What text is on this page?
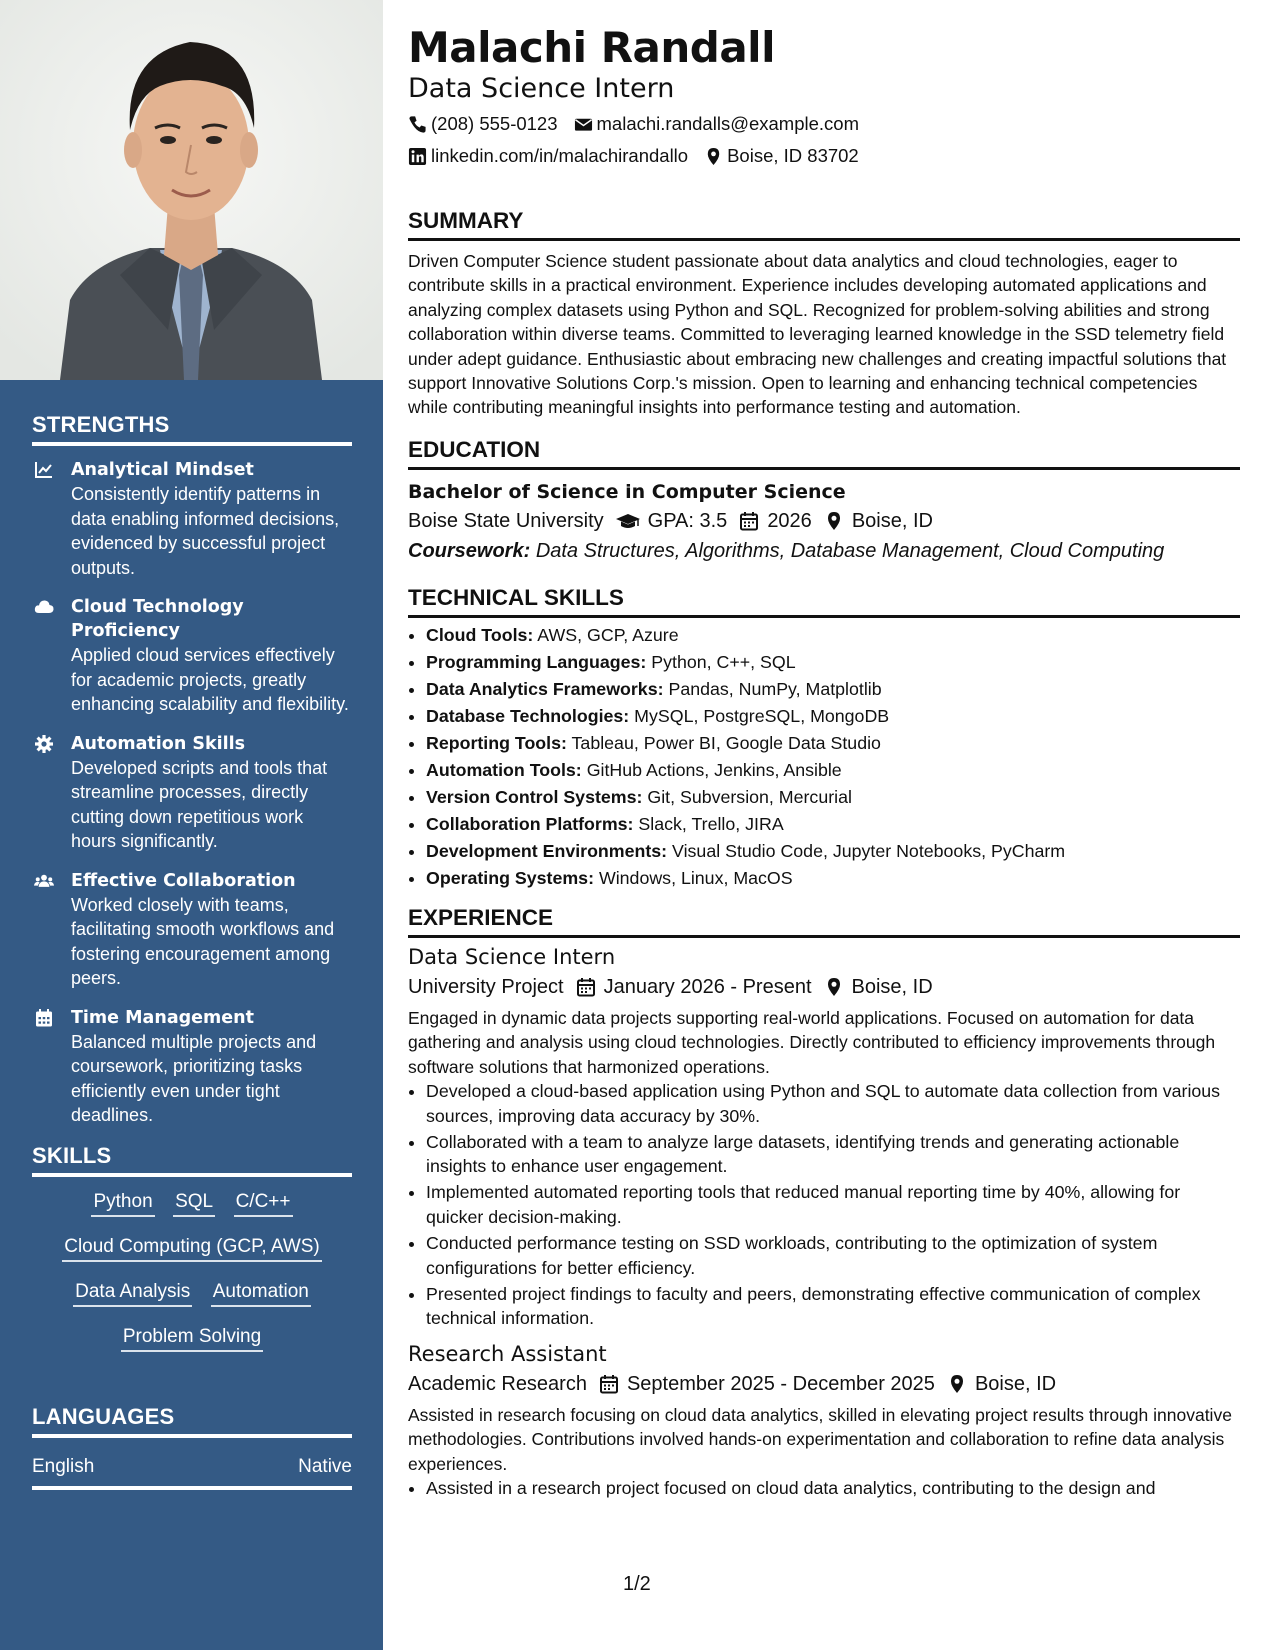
STRENGTHS
Analytical Mindset
Consistently identify patterns in data enabling informed decisions, evidenced by successful project outputs.
Cloud Technology Proficiency
Applied cloud services effectively for academic projects, greatly enhancing scalability and flexibility.
Automation Skills
Developed scripts and tools that streamline processes, directly cutting down repetitious work hours significantly.
Effective Collaboration
Worked closely with teams, facilitating smooth workflows and fostering encouragement among peers.
Time Management
Balanced multiple projects and coursework, prioritizing tasks efficiently even under tight deadlines.
SKILLS
Python SQL C/C++
Cloud Computing (GCP, AWS)
Data Analysis Automation
Problem Solving
LANGUAGES
English	Native
Malachi Randall
Data Science Intern
(208) 555-0123 malachi.randalls@example.com
linkedin.com/in/malachirandallo Boise, ID 83702
SUMMARY
Driven Computer Science student passionate about data analytics and cloud technologies, eager to contribute skills in a practical environment. Experience includes developing automated applications and analyzing complex datasets using Python and SQL. Recognized for problem-solving abilities and strong collaboration within diverse teams. Committed to leveraging learned knowledge in the SSD telemetry field under adept guidance. Enthusiastic about embracing new challenges and creating impactful solutions that support Innovative Solutions Corp.'s mission. Open to learning and enhancing technical competencies while contributing meaningful insights into performance testing and automation.
EDUCATION
Bachelor of Science in Computer Science
Boise State University GPA: 3.5 2026 Boise, ID
Coursework: Data Structures, Algorithms, Database Management, Cloud Computing
TECHNICAL SKILLS
• Cloud Tools: AWS, GCP, Azure
• Programming Languages: Python, C++, SQL
• Data Analytics Frameworks: Pandas, NumPy, Matplotlib
• Database Technologies: MySQL, PostgreSQL, MongoDB
• Reporting Tools: Tableau, Power BI, Google Data Studio
• Automation Tools: GitHub Actions, Jenkins, Ansible
• Version Control Systems: Git, Subversion, Mercurial
• Collaboration Platforms: Slack, Trello, JIRA
• Development Environments: Visual Studio Code, Jupyter Notebooks, PyCharm
• Operating Systems: Windows, Linux, MacOS
EXPERIENCE
Data Science Intern
University Project January 2026 - Present Boise, ID
Engaged in dynamic data projects supporting real-world applications. Focused on automation for data gathering and analysis using cloud technologies. Directly contributed to efficiency improvements through software solutions that harmonized operations.
• Developed a cloud-based application using Python and SQL to automate data collection from various sources, improving data accuracy by 30%.
• Collaborated with a team to analyze large datasets, identifying trends and generating actionable insights to enhance user engagement.
• Implemented automated reporting tools that reduced manual reporting time by 40%, allowing for quicker decision-making.
• Conducted performance testing on SSD workloads, contributing to the optimization of system configurations for better efficiency.
• Presented project findings to faculty and peers, demonstrating effective communication of complex technical information.
Research Assistant
Academic Research September 2025 - December 2025 Boise, ID
Assisted in research focusing on cloud data analytics, skilled in elevating project results through innovative methodologies. Contributions involved hands-on experimentation and collaboration to refine data analysis experiences.
• Assisted in a research project focused on cloud data analytics, contributing to the design and
1/2
